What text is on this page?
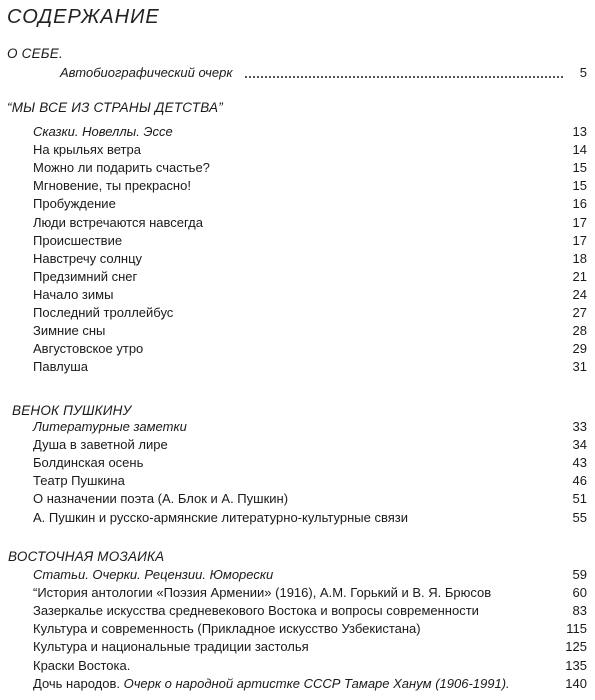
СОДЕРЖАНИЕ
О СЕБЕ.
Автобиографический очерк	5
“МЫ ВСЕ ИЗ СТРАНЫ ДЕТСТВА”
Сказки. Новеллы. Эссе	13
На крыльях ветра	14
Можно ли подарить счастье?	15
Мгновение, ты прекрасно!	15
Пробуждение	16
Люди встречаются навсегда	17
Происшествие	17
Навстречу солнцу	18
Предзимний снег	21
Начало зимы	24
Последний троллейбус	27
Зимние сны	28
Августовское утро	29
Павлуша	31
ВЕНОК ПУШКИНУ
Литературные заметки	33
Душа в заветной лире	34
Болдинская осень	43
Театр Пушкина	46
О назначении поэта (А. Блок и А. Пушкин)	51
А. Пушкин и русско-армянские литературно-культурные связи	55
ВОСТОЧНАЯ МОЗАИКА
Статьи. Очерки. Рецензии. Юморески	59
“История антологии «Поэзия Армении» (1916), А.М. Горький и В. Я. Брюсов	60
Зазеркалье искусства средневекового Востока и вопросы современности	83
Культура и современность (Прикладное искусство Узбекистана)	115
Культура и национальные традиции застолья	125
Краски Востока.	135
Дочь народов. Очерк о народной артистке СССР Тамаре Ханум (1906-1991).	140
